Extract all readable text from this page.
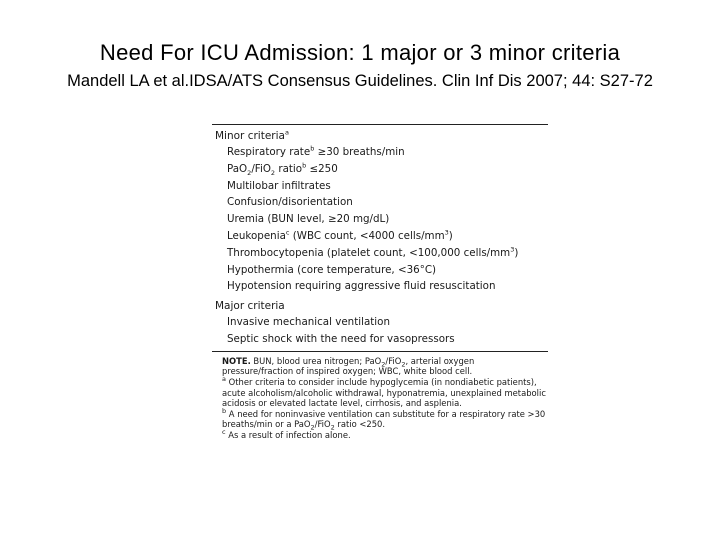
Need For ICU Admission: 1 major or 3 minor criteria
Mandell LA et al.IDSA/ATS Consensus Guidelines. Clin Inf Dis 2007; 44: S27-72
Minor criteria$^a$
Respiratory rate$^b$ ≥30 breaths/min
PaO$_2$/FiO$_2$ ratio$^b$ ≤250
Multilobar infiltrates
Confusion/disorientation
Uremia (BUN level, ≥20 mg/dL)
Leukopenia$^c$ (WBC count, <4000 cells/$mm^3$)
Thrombocytopenia (platelet count, <100,000 cells/$mm^3$)
Hypothermia (core temperature, <36°C)
Hypotension requiring aggressive fluid resuscitation
Major criteria
Invasive mechanical ventilation
Septic shock with the need for vasopressors

NOTE. BUN, blood urea nitrogen; PaO$_2$/FiO$_2$, arterial oxygen pressure/fraction of inspired oxygen; WBC, white blood cell.

$^a$ Other criteria to consider include hypoglycemia (in nondiabetic patients), acute alcoholism/alcoholic withdrawal, hyponatremia, unexplained metabolic acidosis or elevated lactate level, cirrhosis, and asplenia.

$^b$ A need for noninvasive ventilation can substitute for a respiratory rate >30 breaths/min or a PaO$_2$/FiO$_2$ ratio <250.

$^c$ As a result of infection alone.
